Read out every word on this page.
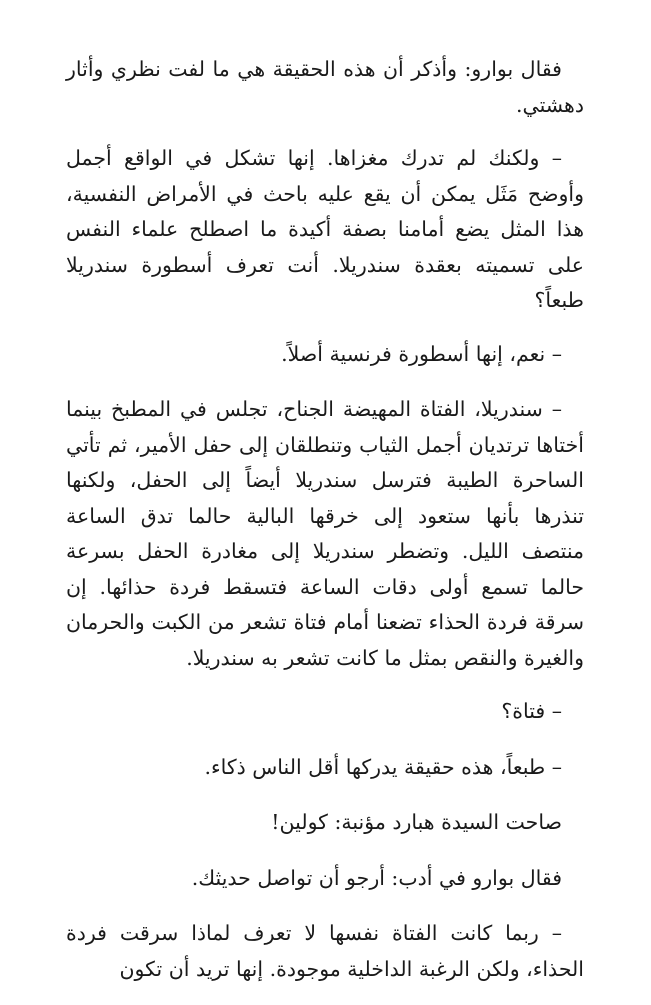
فقال بوارو: وأذكر أن هذه الحقيقة هي ما لفت نظري وأثار دهشتي.

– ولكنك لم تدرك مغزاها. إنها تشكل في الواقع أجمل وأوضح مَثَل يمكن أن يقع عليه باحث في الأمراض النفسية، هذا المثل يضع أمامنا بصفة أكيدة ما اصطلح علماء النفس على تسميته بعقدة سندريلا. أنت تعرف أسطورة سندريلا طبعاً؟

– نعم، إنها أسطورة فرنسية أصلاً.

– سندريلا، الفتاة المهيضة الجناح، تجلس في المطبخ بينما أختاها ترتديان أجمل الثياب وتنطلقان إلى حفل الأمير، ثم تأتي الساحرة الطيبة فترسل سندريلا أيضاً إلى الحفل، ولكنها تنذرها بأنها ستعود إلى خرقها البالية حالما تدق الساعة منتصف الليل. وتضطر سندريلا إلى مغادرة الحفل بسرعة حالما تسمع أولى دقات الساعة فتسقط فردة حذائها. إن سرقة فردة الحذاء تضعنا أمام فتاة تشعر من الكبت والحرمان والغيرة والنقص بمثل ما كانت تشعر به سندريلا.

– فتاة؟

– طبعاً، هذه حقيقة يدركها أقل الناس ذكاء.

صاحت السيدة هبارد مؤنبة: كولين!

فقال بوارو في أدب: أرجو أن تواصل حديثك.

– ربما كانت الفتاة نفسها لا تعرف لماذا سرقت فردة الحذاء، ولكن الرغبة الداخلية موجودة. إنها تريد أن تكون
